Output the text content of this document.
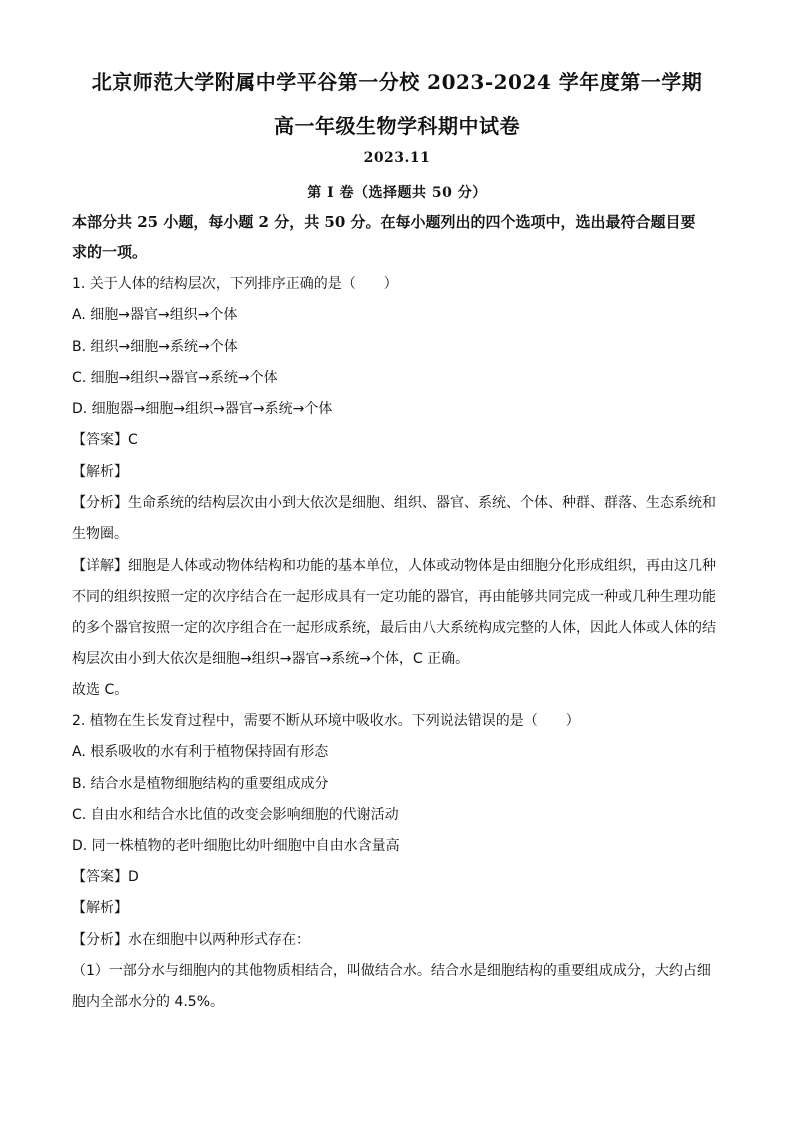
北京师范大学附属中学平谷第一分校 2023-2024 学年度第一学期
高一年级生物学科期中试卷
2023.11
第 I 卷（选择题共 50 分）
本部分共 25 小题，每小题 2 分，共 50 分。在每小题列出的四个选项中，选出最符合题目要
求的一项。
1. 关于人体的结构层次，下列排序正确的是（　　）
A. 细胞→器官→组织→个体
B. 组织→细胞→系统→个体
C. 细胞→组织→器官→系统→个体
D. 细胞器→细胞→组织→器官→系统→个体
【答案】C
【解析】
【分析】生命系统的结构层次由小到大依次是细胞、组织、器官、系统、个体、种群、群落、生态系统和
生物圈。
【详解】细胞是人体或动物体结构和功能的基本单位，人体或动物体是由细胞分化形成组织，再由这几种
不同的组织按照一定的次序结合在一起形成具有一定功能的器官，再由能够共同完成一种或几种生理功能
的多个器官按照一定的次序组合在一起形成系统，最后由八大系统构成完整的人体，因此人体或人体的结
构层次由小到大依次是细胞→组织→器官→系统→个体，C 正确。
故选 C。
2. 植物在生长发育过程中，需要不断从环境中吸收水。下列说法错误的是（　　）
A. 根系吸收的水有利于植物保持固有形态
B. 结合水是植物细胞结构的重要组成成分
C. 自由水和结合水比值的改变会影响细胞的代谢活动
D. 同一株植物的老叶细胞比幼叶细胞中自由水含量高
【答案】D
【解析】
【分析】水在细胞中以两种形式存在：
（1）一部分水与细胞内的其他物质相结合，叫做结合水。结合水是细胞结构的重要组成成分，大约占细
胞内全部水分的 4.5%。
